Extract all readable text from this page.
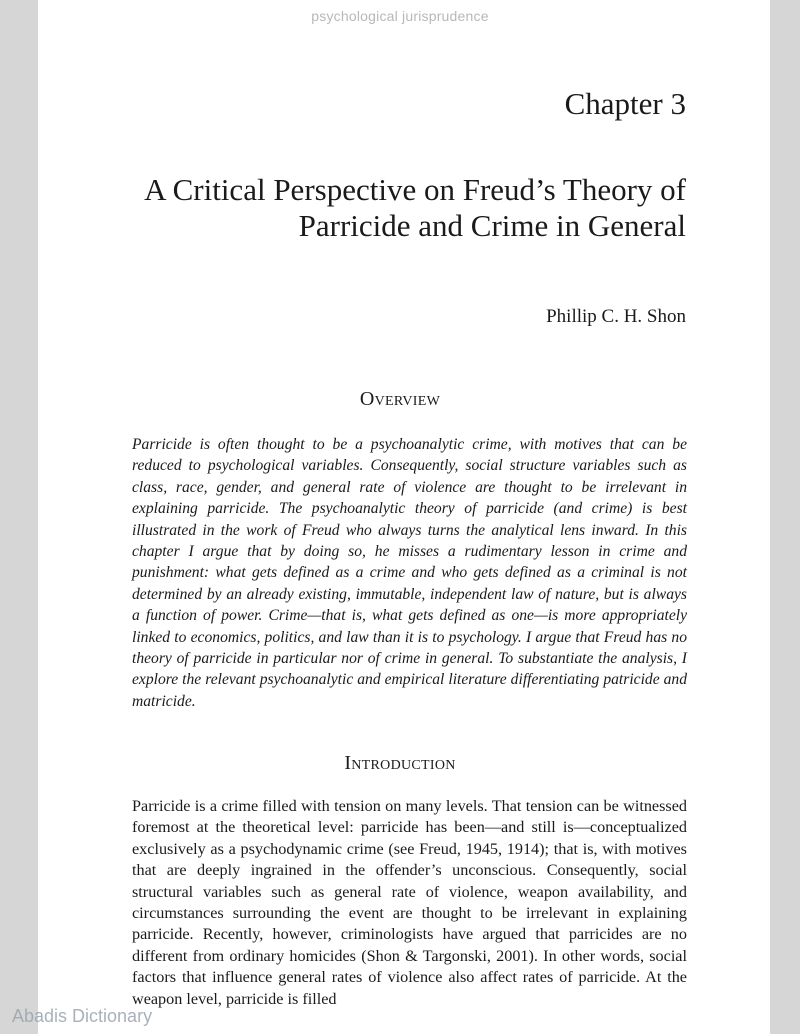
psychological jurisprudence
Chapter 3
A Critical Perspective on Freud’s Theory of Parricide and Crime in General
Phillip C. H. Shon
Overview

Parricide is often thought to be a psychoanalytic crime, with motives that can be reduced to psychological variables. Consequently, social structure variables such as class, race, gender, and general rate of violence are thought to be irrelevant in explaining parricide. The psychoanalytic theory of parricide (and crime) is best illustrated in the work of Freud who always turns the analytical lens inward. In this chapter I argue that by doing so, he misses a rudimentary lesson in crime and punishment: what gets defined as a crime and who gets defined as a criminal is not determined by an already existing, immutable, independent law of nature, but is always a function of power. Crime—that is, what gets defined as one—is more appropriately linked to economics, politics, and law than it is to psychology. I argue that Freud has no theory of parricide in particular nor of crime in general. To substantiate the analysis, I explore the relevant psychoanalytic and empirical literature differentiating patricide and matricide.

Introduction

Parricide is a crime filled with tension on many levels. That tension can be witnessed foremost at the theoretical level: parricide has been—and still is—conceptualized exclusively as a psychodynamic crime (see Freud, 1945, 1914); that is, with motives that are deeply ingrained in the offender’s unconscious. Consequently, social structural variables such as general rate of violence, weapon availability, and circumstances surrounding the event are thought to be irrelevant in explaining parricide. Recently, however, criminologists have argued that parricides are no different from ordinary homicides (Shon & Targonski, 2001). In other words, social factors that influence general rates of violence also affect rates of parricide. At the weapon level, parricide is filled

Abadis Dictionary
